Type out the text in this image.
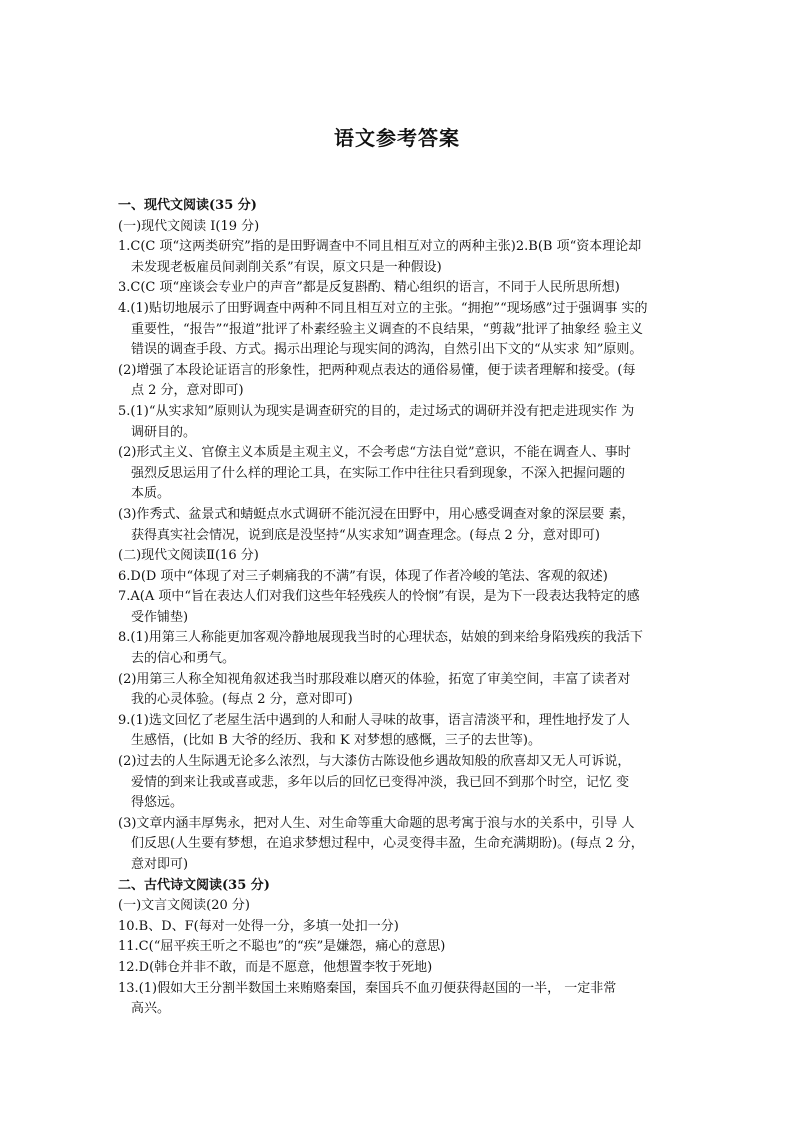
语文参考答案
一、现代文阅读(35 分)
(一)现代文阅读 I(19 分)
1.C(C 项“这两类研究”指的是田野调查中不同且相互对立的两种主张)2.B(B 项“资本理论却
未发现老板雇员间剥削关系”有误，原文只是一种假设)
3.C(C 项“座谈会专业户的声音”都是反复斟酌、精心组织的语言，不同于人民所思所想)
4.(1)贴切地展示了田野调查中两种不同且相互对立的主张。“拥抱”“现场感”过于强调事 实的
重要性，“报告”“报道”批评了朴素经验主义调查的不良结果，“剪裁”批评了抽象经 验主义
错误的调查手段、方式。揭示出理论与现实间的鸿沟，自然引出下文的“从实求 知”原则。
(2)增强了本段论证语言的形象性，把两种观点表达的通俗易懂，便于读者理解和接受。(每
点 2 分，意对即可)
5.(1)“从实求知”原则认为现实是调查研究的目的，走过场式的调研并没有把走进现实作 为
调研目的。
(2)形式主义、官僚主义本质是主观主义，不会考虑“方法自觉”意识，不能在调查人、事时
强烈反思运用了什么样的理论工具，在实际工作中往往只看到现象，不深入把握问题的
本质。
(3)作秀式、盆景式和蜻蜓点水式调研不能沉浸在田野中，用心感受调查对象的深层要 素，
获得真实社会情况，说到底是没坚持“从实求知”调查理念。(每点 2 分，意对即可)
(二)现代文阅读Ⅱ(16 分)
6.D(D 项中“体现了对三子刺痛我的不满”有误，体现了作者冷峻的笔法、客观的叙述)
7.A(A 项中“旨在表达人们对我们这些年轻残疾人的怜悯”有误，是为下一段表达我特定的感
受作铺垫)
8.(1)用第三人称能更加客观冷静地展现我当时的心理状态，姑娘的到来给身陷残疾的我活下
去的信心和勇气。
(2)用第三人称全知视角叙述我当时那段难以磨灭的体验，拓宽了审美空间，丰富了读者对
我的心灵体验。(每点 2 分，意对即可)
9.(1)选文回忆了老屋生活中遇到的人和耐人寻味的故事，语言清淡平和，理性地抒发了人
生感悟，(比如 B 大爷的经历、我和 K 对梦想的感慨，三子的去世等)。
(2)过去的人生际遇无论多么浓烈，与大漆仿古陈设他乡遇故知般的欣喜却又无人可诉说，
爱情的到来让我或喜或悲，多年以后的回忆已变得冲淡，我已回不到那个时空，记忆 变
得悠远。
(3)文章内涵丰厚隽永，把对人生、对生命等重大命题的思考寓于浪与水的关系中，引导 人
们反思(人生要有梦想，在追求梦想过程中，心灵变得丰盈，生命充满期盼)。(每点 2 分，
意对即可)
二、古代诗文阅读(35 分)
(一)文言文阅读(20 分)
10.B、D、F(每对一处得一分，多填一处扣一分)
11.C(“屈平疾王听之不聪也”的“疾”是嫌怨，痛心的意思)
12.D(韩仓并非不敢，而是不愿意，他想置李牧于死地)
13.(1)假如大王分割半数国土来贿赂秦国，秦国兵不血刃便获得赵国的一半， 一定非常
高兴。
